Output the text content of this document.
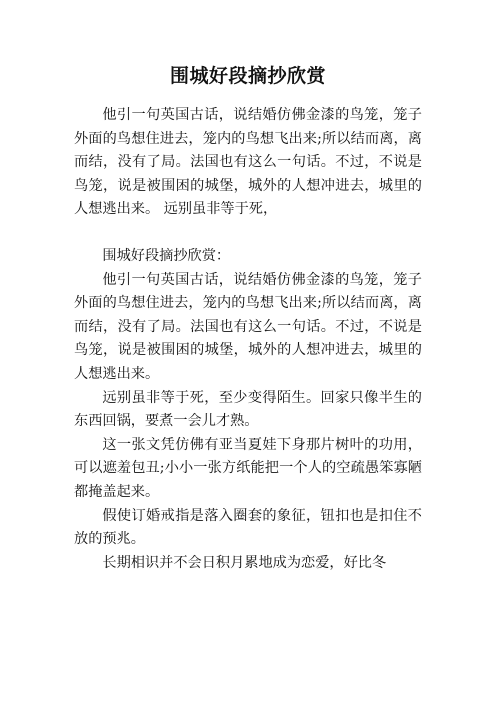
围城好段摘抄欣赏

他引一句英国古话，说结婚仿佛金漆的鸟笼，笼子外面的鸟想住进去，笼内的鸟想飞出来;所以结而离，离而结，没有了局。法国也有这么一句话。不过，不说是鸟笼，说是被围困的城堡，城外的人想冲进去，城里的人想逃出来。 远别虽非等于死，

围城好段摘抄欣赏：

他引一句英国古话，说结婚仿佛金漆的鸟笼，笼子外面的鸟想住进去，笼内的鸟想飞出来;所以结而离，离而结，没有了局。法国也有这么一句话。不过，不说是鸟笼，说是被围困的城堡，城外的人想冲进去，城里的人想逃出来。

远别虽非等于死，至少变得陌生。回家只像半生的东西回锅，要煮一会儿才熟。

这一张文凭仿佛有亚当夏娃下身那片树叶的功用，可以遮羞包丑;小小一张方纸能把一个人的空疏愚笨寡陋都掩盖起来。

假使订婚戒指是落入圈套的象征，钮扣也是扣住不放的预兆。

长期相识并不会日积月累地成为恋爱，好比冬
